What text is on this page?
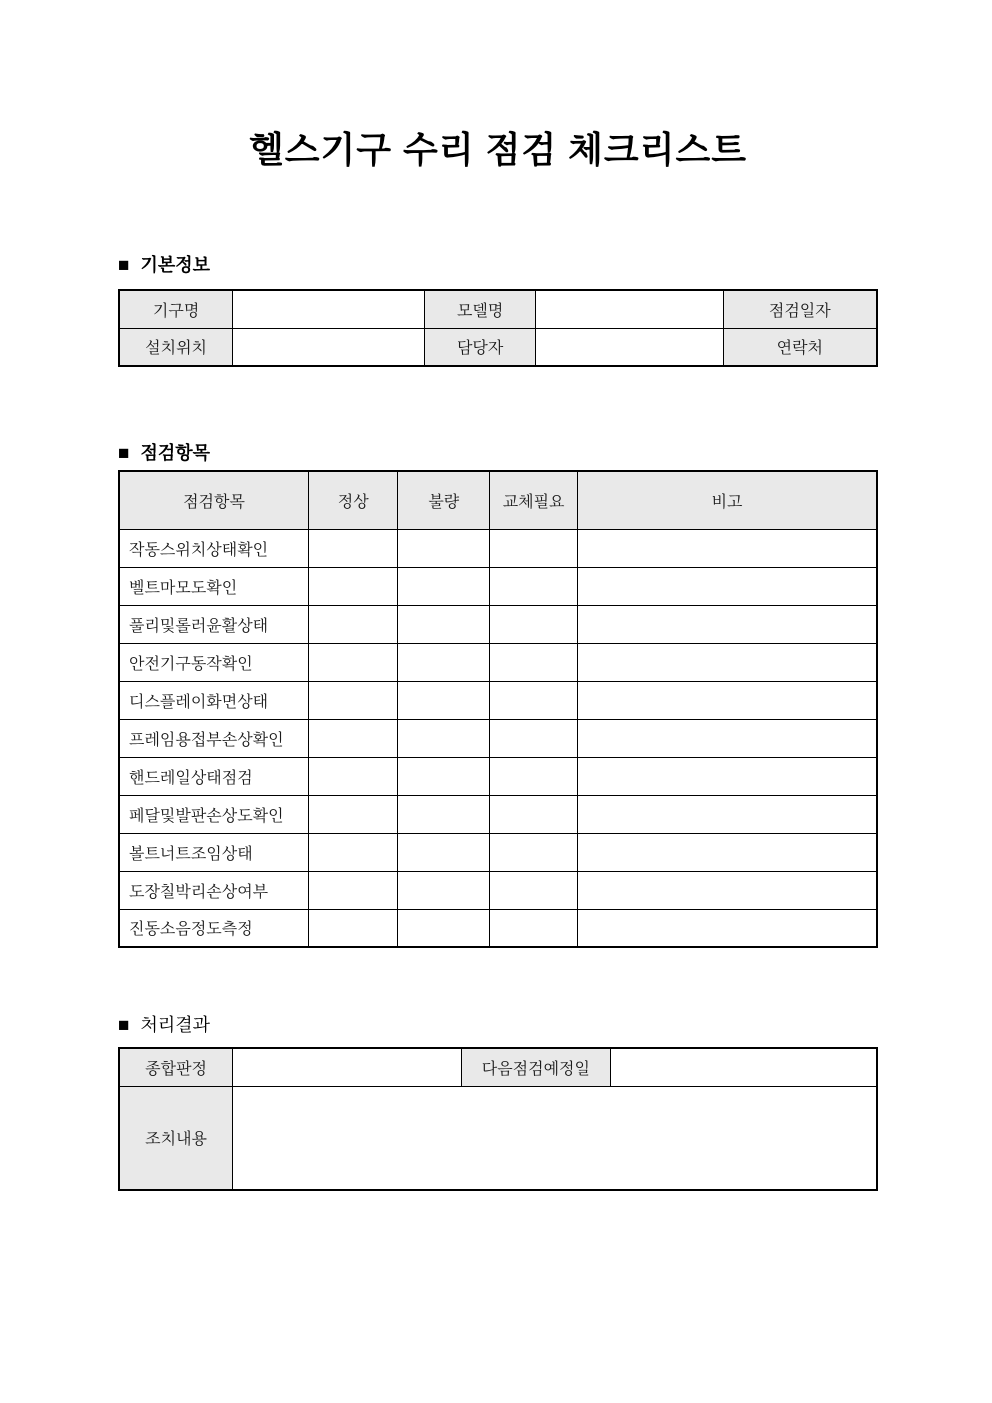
헬스기구 수리 점검 체크리스트
■ 기본정보
기구명		모델명		점검일자
설치위치		담당자		연락처
■ 점검항목
점검항목	정상	불량	교체필요	비고
작동스위치상태확인				
벨트마모도확인				
풀리및롤러윤활상태				
안전기구동작확인				
디스플레이화면상태				
프레임용접부손상확인				
핸드레일상태점검				
페달및발판손상도확인				
볼트너트조임상태				
도장칠박리손상여부				
진동소음정도측정				
■ 처리결과
종합판정		다음점검예정일	
조치내용			
